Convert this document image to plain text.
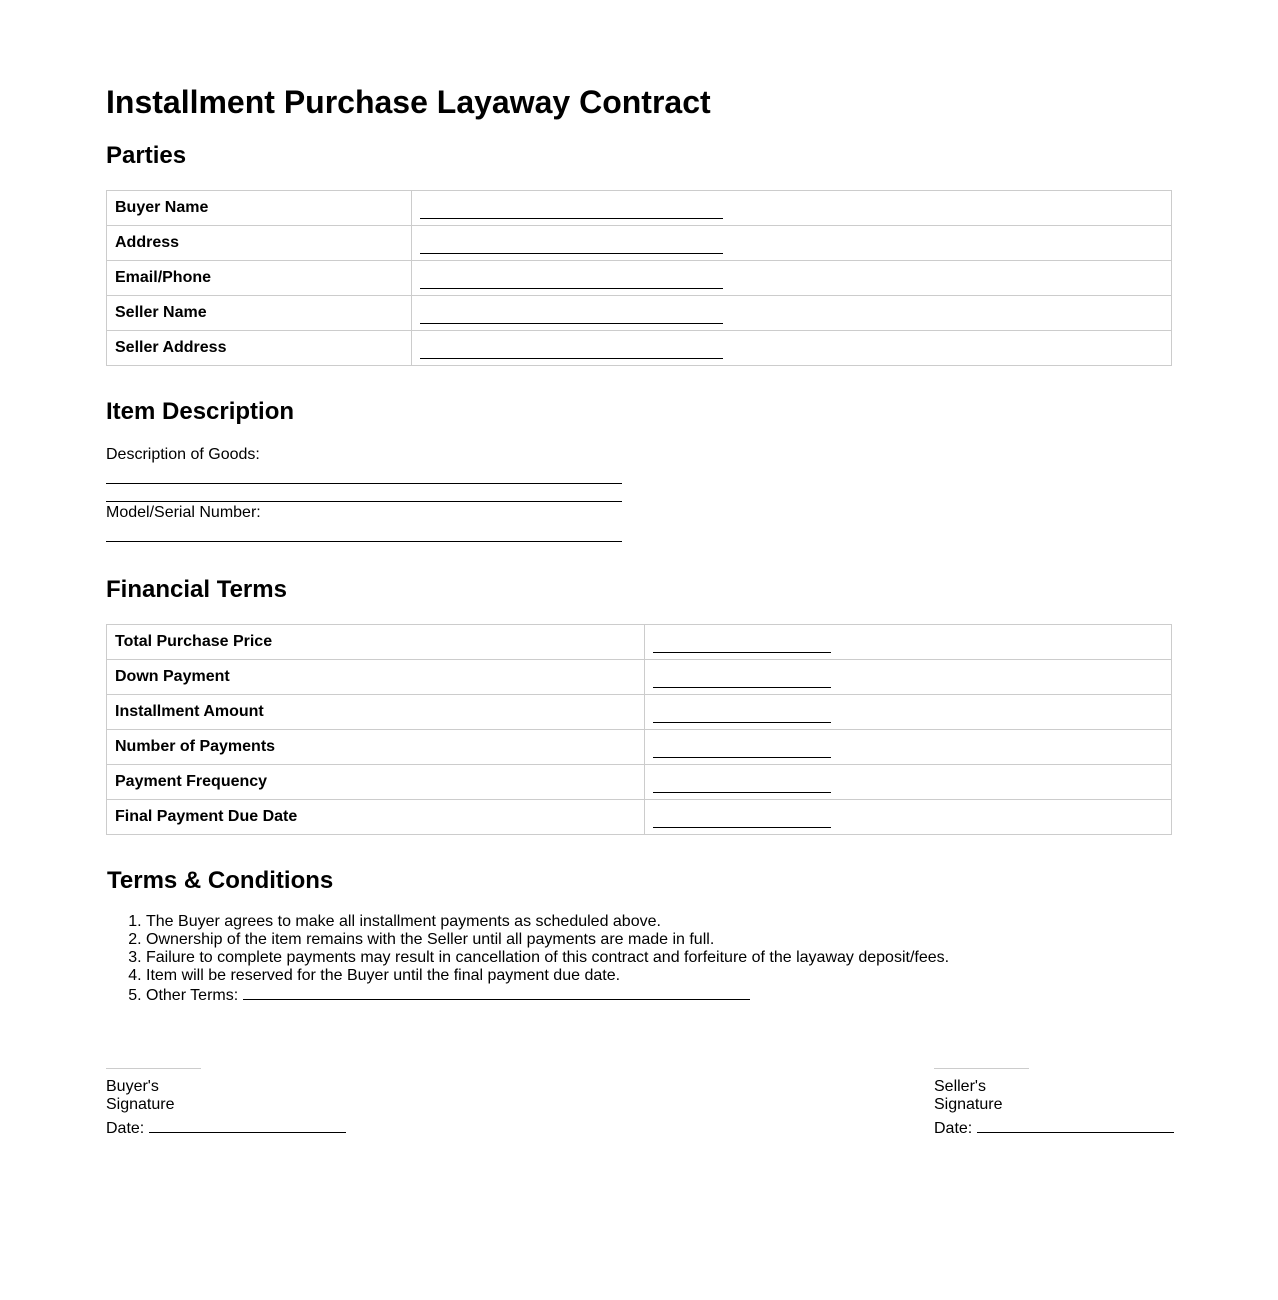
Installment Purchase Layaway Contract
Parties
Buyer Name	
Address	
Email/Phone	
Seller Name	
Seller Address	
Item Description
Description of Goods:
Model/Serial Number:
Financial Terms
Total Purchase Price	
Down Payment	
Installment Amount	
Number of Payments	
Payment Frequency	
Final Payment Due Date	
Terms & Conditions
1. The Buyer agrees to make all installment payments as scheduled above.
2. Ownership of the item remains with the Seller until all payments are made in full.
3. Failure to complete payments may result in cancellation of this contract and forfeiture of the layaway deposit/fees.
4. Item will be reserved for the Buyer until the final payment due date.
5. Other Terms:
Buyer's Signature
Date:
Seller's Signature
Date:
